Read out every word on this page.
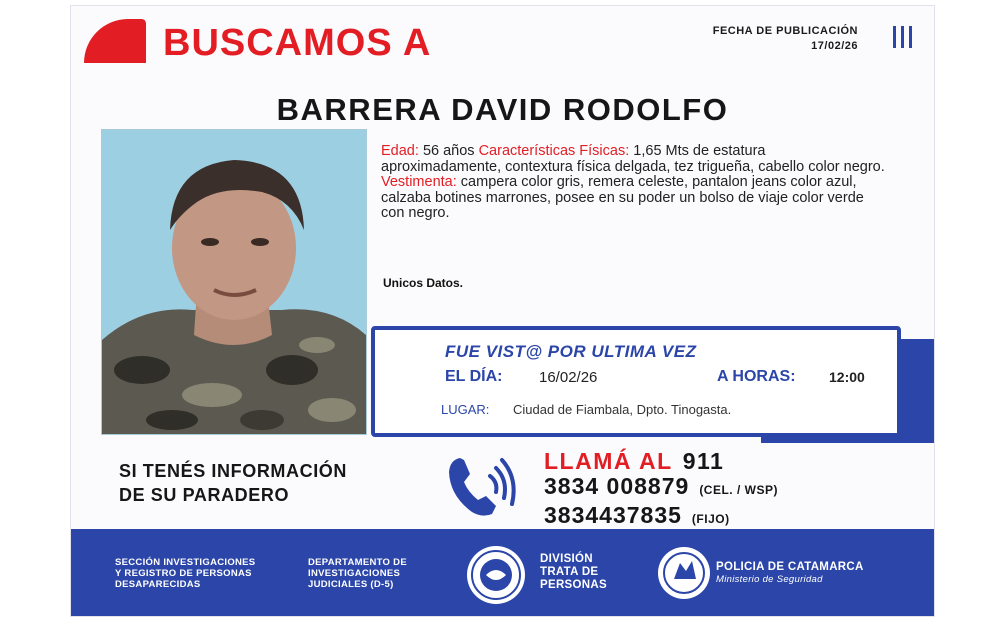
BUSCAMOS A	FECHA DE PUBLICACIÓN
17/02/26
BARRERA DAVID RODOLFO

Edad: 56 años Características Físicas: 1,65 Mts de estatura aproximadamente, contextura física delgada, tez trigueña, cabello color negro.

Vestimenta: campera color gris, remera celeste, pantalon jeans color azul, calzaba botines marrones, posee en su poder un bolso de viaje color verde con negro.

Unicos Datos.
FUE VIST@ POR ULTIMA VEZ
EL DÍA: 16/02/26	A HORAS: 12:00
LUGAR: Ciudad de Fiambala, Dpto. Tinogasta.
SI TENÉS INFORMACIÓN
DE SU PARADERO
LLAMÁ AL 911
3834 008879 (CEL. / WSP)
3834437835 (FIJO)
SECCIÓN INVESTIGACIONES
Y REGISTRO DE PERSONAS
DESAPARECIDAS
DEPARTAMENTO DE
INVESTIGACIONES
JUDICIALES (D-5)
DIVISIÓN
TRATA DE
PERSONAS
POLICIA DE CATAMARCA
Ministerio de Seguridad
